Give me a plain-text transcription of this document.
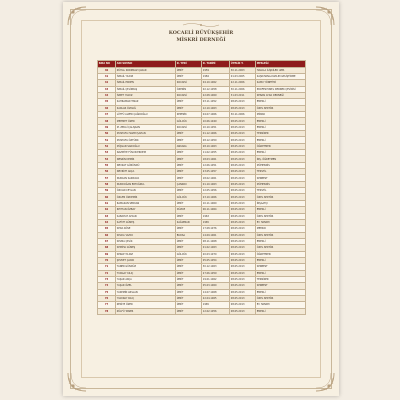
KOCAELİ BÜYÜKŞEHİR
MİSKRİ DERNEĞİ
SIRA NO	ADI SOYADI	D. YERİ	D. TARİHİ	ÜYELİK T.	MESLEĞİ
40	ZÜHAL KORKMAZ ÇAKAR	İZMİT	1959	30.11.2003	HALKLA İLİŞKİLER UZM.
41	İSMAİL YILDIZ	İZMİT	1984	01.03.2005	KAŞIKHANA-YAZILIM GELİŞTİRME
42	İSMAİL ERDEN	KOCAELİ	04.10.1962	22.11.2006	KAMU YÖNETİMİ
43	İSMAİL ÇELİKBAŞ	ÖZERİN	02.12.1958	30.11.2006	PROFESYONEL DERNEK ÇEVİRİSİ
44	İSMET YILDIZ	KOCAELİ	22.08.1969	31.03.2011	KENAN AYDA DERNEĞİ
45	KAHRAMAN TINAZ	İZMİT	03.11.1952	08.05.2013	EMEKLİ
46	KARLAR ÖZDAĞ	İZMİT	12.10.1963	08.05.2013	ÖZEL SEKTÖR
47	LÜTFÜ ALPER ÇAĞIROĞLU	KEPEZİK	04.07.1966	30.11.2006	MİMAR
48	MEHMET ÖZER	GÖLCÜK	10.06.1949	08.05.2013	EMEKLİ
49	M. ZEKAİ ÇALIŞKAN	KOCAELİ	10.10.1951	08.05.2013	EMEKLİ
50	MUSTAFA HAZIM ŞAHAN	İZMİT	01.12.1966	08.05.2013	TEKNİKER
51	MUSTAFA ÖZTÜRK	İZMİT	28.12.1950	08.05.2013	EMEKLİ
52	MÜJGAN SARIOĞLU	ANKARA	28.10.1963	08.05.2013	ÖĞRETMEN
53	NAZMİYE FÜSUN ERDEM	İZMİT	11.02.1955	08.05.2013	EMEKLİ
54	NESRİN DEMİR	İZMİT	18.03.1961	08.05.2013	İNŞ. ÖĞRETMEN
55	NEVZAT GÜRÜNDÜ	İZMİT	12.06.1951	08.05.2013	MÜHENDİS
56	NEVRİYE AKÇA	İZMİT	23.05.1957	08.05.2013	TEKSTİL
57	NURCAN SARIKAYA	İZMİT	18.02.1961	08.05.2013	SERBEST
58	NURDOĞAN ERTUĞRUL	ÇANKIRI	01.10.1963	08.05.2013	MÜHENDİS
59	ÖZCAN CEYLAN	İZMİT	12.05.1956	08.05.2013	TEKSTİL
60	ÖZLEM ÖZDEMİR	GÖLCÜK	23.10.1966	08.05.2013	ÖZEL SEKTÖR
61	RAMAZAN SERKAN	İZMİT	10.11.1960	08.05.2013	İNŞAATÇI
62	REYHAN ÖZBAY	DÜZCE	06.11.1964	08.05.2013	EMEKLİ
63	SABAHAT AYKAN	İZMİT	1963	08.05.2013	ÖZEL SEKTÖR
64	SAFİYE GÜNEŞ	KAĞIZMAN	1965	08.05.2013	EV HANIMI
65	SEDA KÖSE	İZMİT	17.08.1976	08.05.2013	MEMUR
66	SELDA YAZICI	BURSA	14.09.1961	08.05.2013	ÖZEL SEKTÖR
67	SELMA ÇELİK	İZMİT	08.11.1968	08.05.2013	EMEKLİ
68	SEMİHA GÜNEŞ	İZMİT	01.02.1963	08.05.2013	ÖZEL SEKTÖR
69	SERAP YILDIZ	GÖLCÜK	20.03.1970	08.05.2013	ÖĞRETMEN
70	ŞEVKET ÇAKIR	İZMİT	05.05.1954	08.05.2013	EMEKLİ
71	TANER GÜNDÜZ	İZMİT	30.12.1963	08.05.2013	SERBEST
72	TURGAY KILIÇ	İZMİT	27.06.1959	08.05.2013	EMEKLİ
73	YAŞAR AKÇA	İZMİT	19.01.1962	08.05.2013	TEKNİKER
74	YAŞAR ÖZEL	İZMİT	05.03.1960	08.05.2013	SERBEST
75	YASEMİN ARSLAN	İZMİT	14.07.1968	08.05.2013	EMEKLİ
76	YILDIRAY KILIÇ	İZMİT	22.04.1965	08.05.2013	ÖZEL SEKTÖR
77	ZEKİYE ÖZER	İZMİT	1965	08.05.2013	EV HANIMI
78	ZÜLFÜ TANER	İZMİT	12.02.1956	08.05.2013	EMEKLİ
